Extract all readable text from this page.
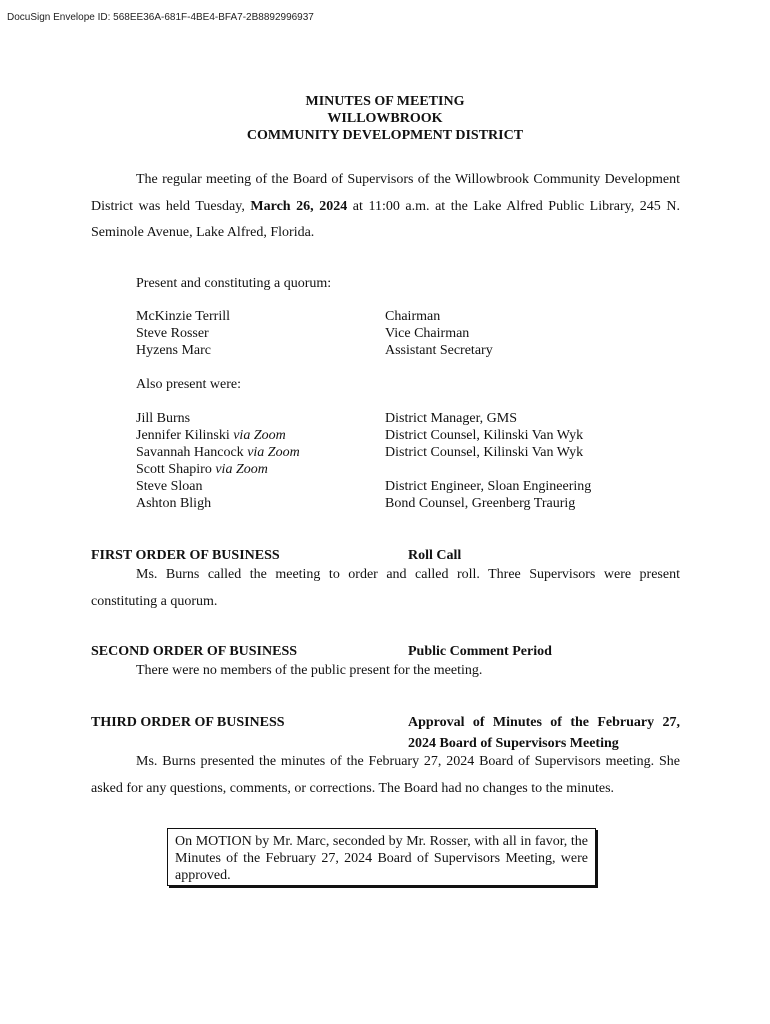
DocuSign Envelope ID: 568EE36A-681F-4BE4-BFA7-2B8892996937
MINUTES OF MEETING
WILLOWBROOK
COMMUNITY DEVELOPMENT DISTRICT
The regular meeting of the Board of Supervisors of the Willowbrook Community Development District was held Tuesday, March 26, 2024 at 11:00 a.m. at the Lake Alfred Public Library, 245 N. Seminole Avenue, Lake Alfred, Florida.
Present and constituting a quorum:
McKinzie Terrill	Chairman
Steve Rosser	Vice Chairman
Hyzens Marc	Assistant Secretary
Also present were:
Jill Burns	District Manager, GMS
Jennifer Kilinski via Zoom	District Counsel, Kilinski Van Wyk
Savannah Hancock via Zoom	District Counsel, Kilinski Van Wyk
Scott Shapiro via Zoom
Steve Sloan	District Engineer, Sloan Engineering
Ashton Bligh	Bond Counsel, Greenberg Traurig
FIRST ORDER OF BUSINESS	Roll Call
Ms. Burns called the meeting to order and called roll. Three Supervisors were present constituting a quorum.
SECOND ORDER OF BUSINESS	Public Comment Period
There were no members of the public present for the meeting.
THIRD ORDER OF BUSINESS	Approval of Minutes of the February 27, 2024 Board of Supervisors Meeting
Ms. Burns presented the minutes of the February 27, 2024 Board of Supervisors meeting. She asked for any questions, comments, or corrections. The Board had no changes to the minutes.
On MOTION by Mr. Marc, seconded by Mr. Rosser, with all in favor, the Minutes of the February 27, 2024 Board of Supervisors Meeting, were approved.
